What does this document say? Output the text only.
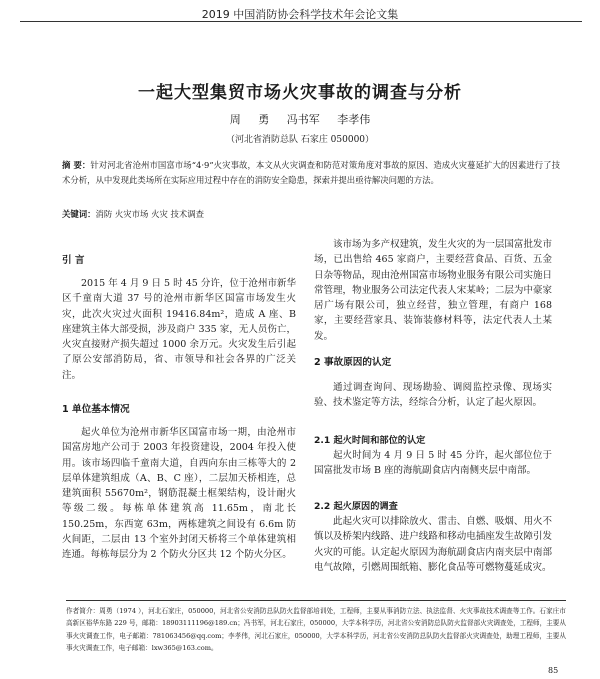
2019 中国消防协会科学技术年会论文集
一起大型集贸市场火灾事故的调查与分析
周 勇 冯书军 李孝伟
（河北省消防总队 石家庄 050000）
摘 要：针对河北省沧州市国富市场“4·9”火灾事故，本文从火灾调查和防范对策角度对事故的原因、造成火灾蔓延扩大的因素进行了技术分析，从中发现此类场所在实际应用过程中存在的消防安全隐患，探索并提出亟待解决问题的方法。
关键词：消防 火灾市场 火灾 技术调查
引 言

2015 年 4 月 9 日 5 时 45 分许，位于沧州市新华区千童南大道 37 号的沧州市新华区国富市场发生火灾，此次火灾过火面积 19416.84m²，造成 A 座、B 座建筑主体大部受损，涉及商户 335 家，无人员伤亡，火灾直接财产损失超过 1000 余万元。火灾发生后引起了原公安部消防局，省、市领导和社会各界的广泛关注。

1 单位基本情况

起火单位为沧州市新华区国富市场一期，由沧州市国富房地产公司于 2003 年投资建设，2004 年投入使用。该市场四临千童南大道，自西向东由三栋等大的 2 层单体建筑组成（A、B、C 座），二层加天桥相连，总建筑面积 55670m²，钢筋混凝土框架结构，设计耐火等级二级。每栋单体建筑高 11.65m，南北长 150.25m，东西宽 63m，两栋建筑之间设有 6.6m 防火间距，二层由 13 个室外封闭天桥将三个单体建筑相连通。每栋每层分为 2 个防火分区共 12 个防火分区。

该市场为多产权建筑，发生火灾的为一层国富批发市场，已出售给 465 家商户，主要经营食品、百货、五金日杂等物品，现由沧州国富市场物业服务有限公司实施日常管理，物业服务公司法定代表人宋某岭；二层为中豪家居广场有限公司，独立经营，独立管理，有商户 168 家，主要经营家具、装饰装修材料等，法定代表人土某发。

2 事故原因的认定

通过调查询问、现场勘验、调阅监控录像、现场实验、技术鉴定等方法，经综合分析，认定了起火原因。

2.1 起火时间和部位的认定

起火时间为 4 月 9 日 5 时 45 分许，起火部位位于国富批发市场 B 座的海航副食店内南侧夹层中南部。

2.2 起火原因的调查

此起火灾可以排除放火、雷击、自燃、吸烟、用火不慎以及桥架内线路、进户线路和移动电插座发生故障引发火灾的可能。认定起火原因为海航副食店内南夹层中南部电气故障，引燃周围纸箱、膨化食品等可燃物蔓延成灾。

作者简介：周勇（1974 ），河北石家庄，050000，河北省公安消防总队防火监督部培训处，工程师，主要从事消防立法、执法监督、火灾事故技术调查等工作。石家庄市高新区裕华东路 229 号，邮箱：18903111196@189.cn；冯书军，河北石家庄，050000，大学本科学历，河北省公安消防总队防火监督部火灾调查处，工程师，主要从事火灾调查工作，电子邮箱：781063456@qq.com；李孝伟，河北石家庄，050000，大学本科学历，河北省公安消防总队防火监督部火灾调查处，助理工程师，主要从事火灾调查工作，电子邮箱：lxw365@163.com。
85
